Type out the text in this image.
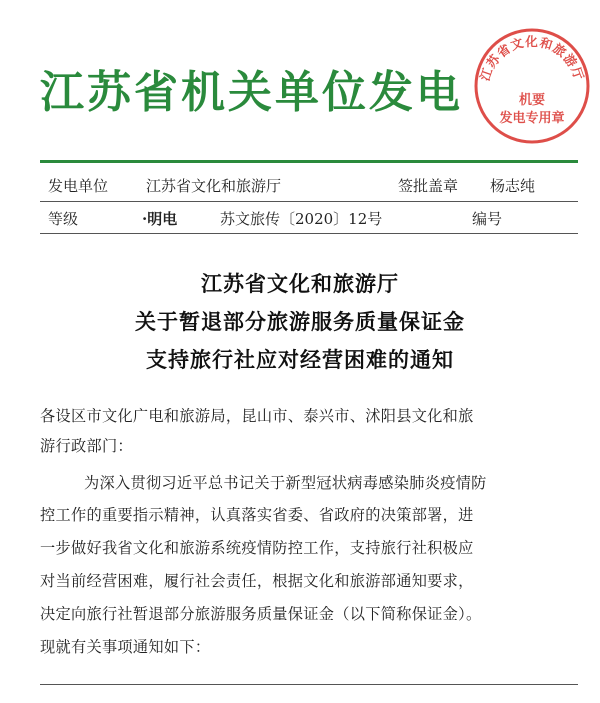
江苏省机关单位发电	江苏省文化和旅游厅
机要
发电专用章
发电单位	江苏省文化和旅游厅	签批盖章 杨志纯
等级	·明电	苏文旅传〔2020〕12号	编号
江苏省文化和旅游厅
关于暂退部分旅游服务质量保证金
支持旅行社应对经营困难的通知
各设区市文化广电和旅游局，昆山市、泰兴市、沭阳县文化和旅
游行政部门：
为深入贯彻习近平总书记关于新型冠状病毒感染肺炎疫情防
控工作的重要指示精神，认真落实省委、省政府的决策部署，进
一步做好我省文化和旅游系统疫情防控工作，支持旅行社积极应
对当前经营困难，履行社会责任，根据文化和旅游部通知要求，
决定向旅行社暂退部分旅游服务质量保证金（以下简称保证金）。
现就有关事项通知如下：
